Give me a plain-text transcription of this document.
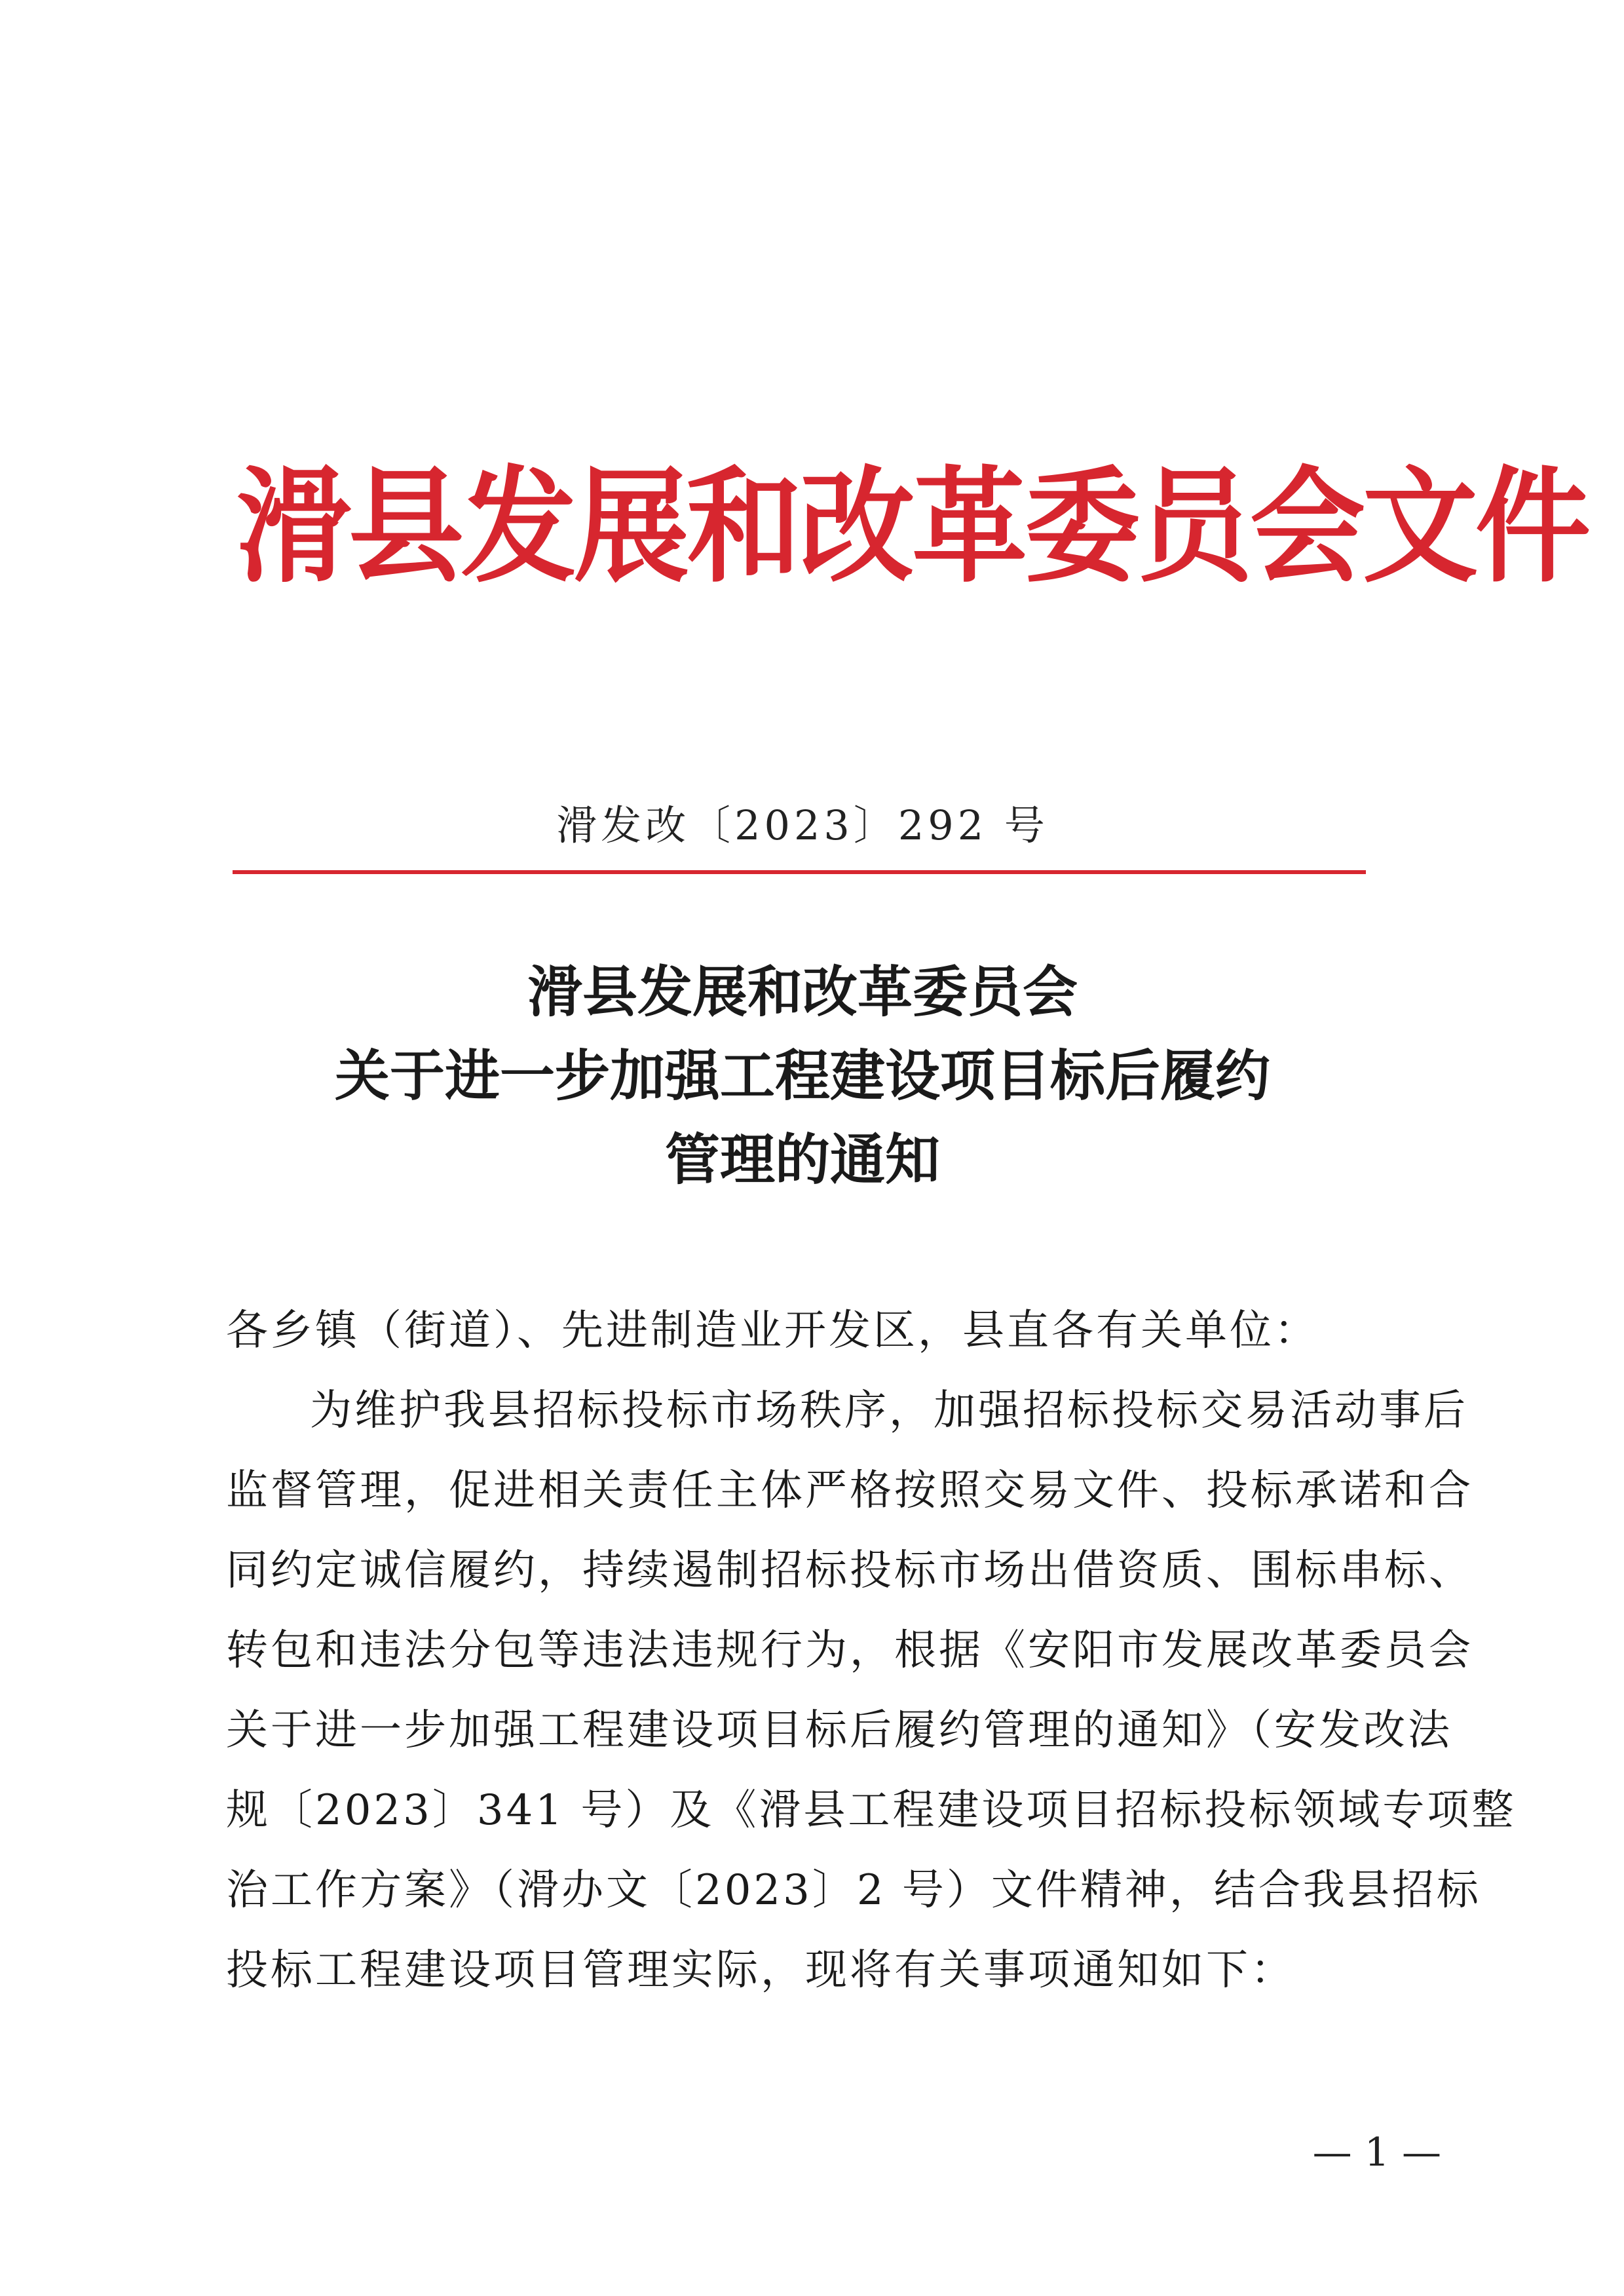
滑县发展和改革委员会文件
滑发改〔2023〕292 号
滑县发展和改革委员会
关于进一步加强工程建设项目标后履约
管理的通知
各乡镇（街道）、先进制造业开发区，县直各有关单位：
为维护我县招标投标市场秩序，加强招标投标交易活动事后
监督管理，促进相关责任主体严格按照交易文件、投标承诺和合
同约定诚信履约，持续遏制招标投标市场出借资质、围标串标、
转包和违法分包等违法违规行为，根据《安阳市发展改革委员会
关于进一步加强工程建设项目标后履约管理的通知》（安发改法
规〔2023〕341 号）及《滑县工程建设项目招标投标领域专项整
治工作方案》（滑办文〔2023〕2 号）文件精神，结合我县招标
投标工程建设项目管理实际，现将有关事项通知如下：
— 1 —
